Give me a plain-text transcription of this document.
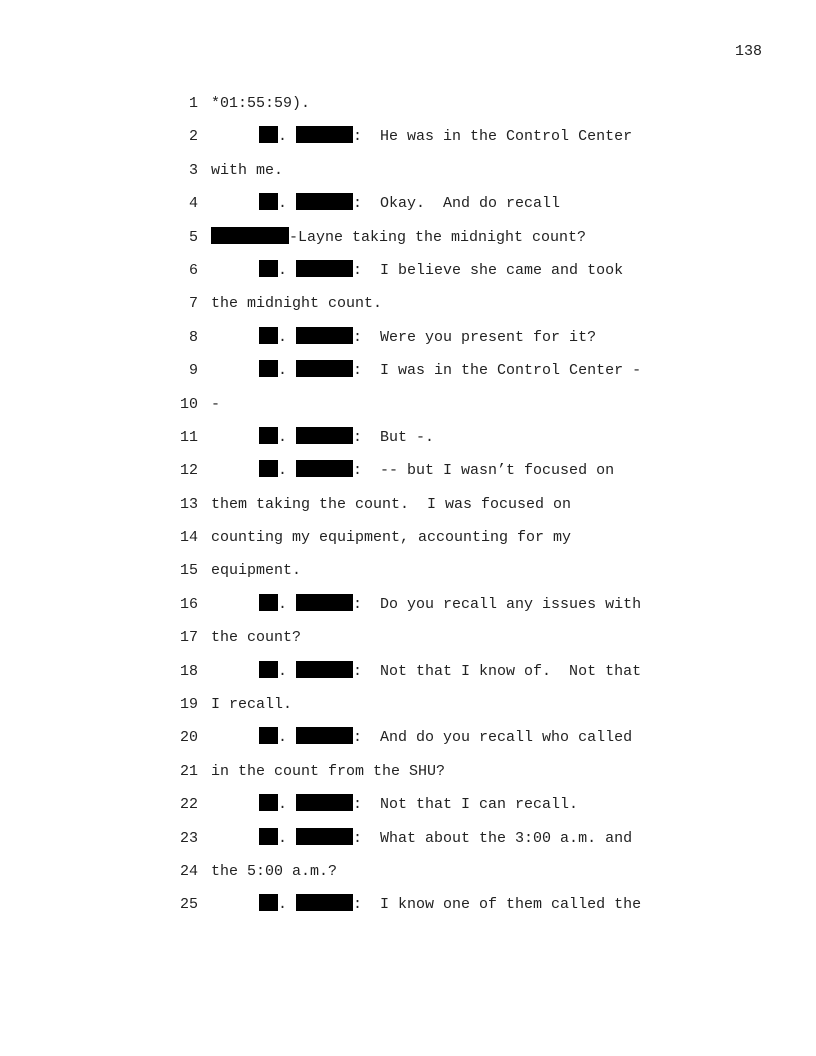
138
1 *01:55:59).
2	.	:  He was in the Control Center
3 with me.
4	.	:  Okay.  And do recall
5	-Layne taking the midnight count?
6	.	:  I believe she came and took
7 the midnight count.
8	.	:  Were you present for it?
9	.	:  I was in the Control Center -
10 -
11	.	:  But -.
12	.	:  -- but I wasn’t focused on
13 them taking the count.  I was focused on
14 counting my equipment, accounting for my
15 equipment.
16	.	:  Do you recall any issues with
17 the count?
18	.	:  Not that I know of.  Not that
19 I recall.
20	.	:  And do you recall who called
21 in the count from the SHU?
22	.	:  Not that I can recall.
23	.	:  What about the 3:00 a.m. and
24 the 5:00 a.m.?
25	.	:  I know one of them called the
